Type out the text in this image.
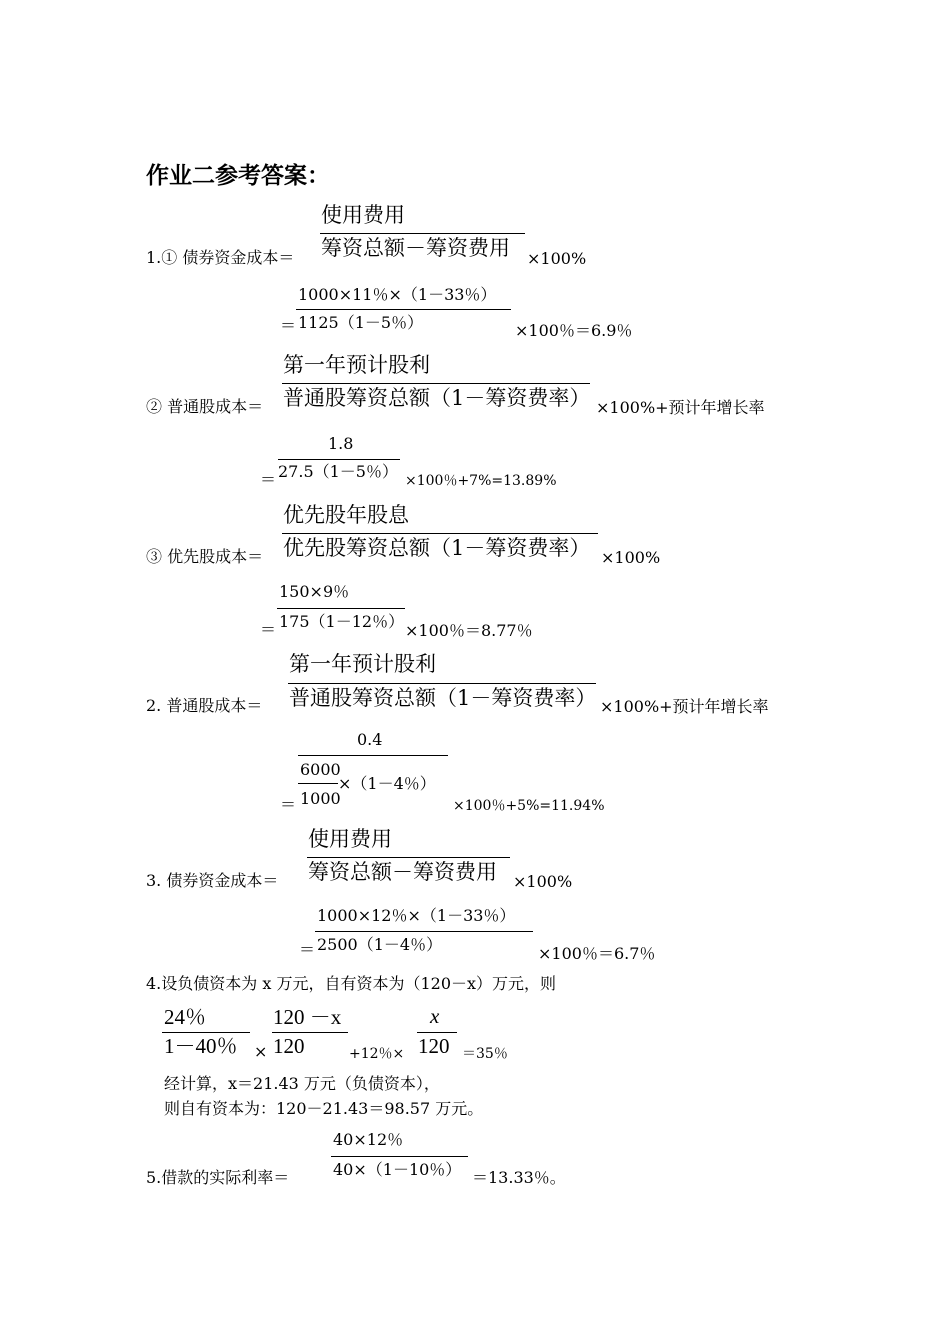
作业二参考答案：
使用费用
筹资总额－筹资费用
1.① 债券资金成本＝	×100%
1000×11％×（1－33％）
＝ 1125（1－5％）	×100％＝6.9％
第一年预计股利
普通股筹资总额（1－筹资费率）
② 普通股成本＝	×100%+预计年增长率
1.8
＝ 27.5（1－5％） ×100％+7%=13.89%
优先股年股息
优先股筹资总额（1－筹资费率）
③ 优先股成本＝	×100%
150×9％
＝ 175（1－12％） ×100％＝8.77％
第一年预计股利
普通股筹资总额（1－筹资费率）
2. 普通股成本＝	×100%+预计年增长率
0.4
6000
×（1－4％）
＝ 1000	×100％+5%=11.94%
使用费用
筹资总额－筹资费用
3. 债券资金成本＝	×100%
1000×12％×（1－33％）
＝ 2500（1－4％）	×100％＝6.7％
4.设负债资本为 x 万元，自有资本为（120－x）万元，则
24％
1－40％ ×
120 －x
120	+12％×
x
120 ＝35％
经计算，x＝21.43 万元（负债资本），
则自有资本为：120－21.43＝98.57 万元。
40×12％
40×（1－10％）
5.借款的实际利率＝	＝13.33％。
